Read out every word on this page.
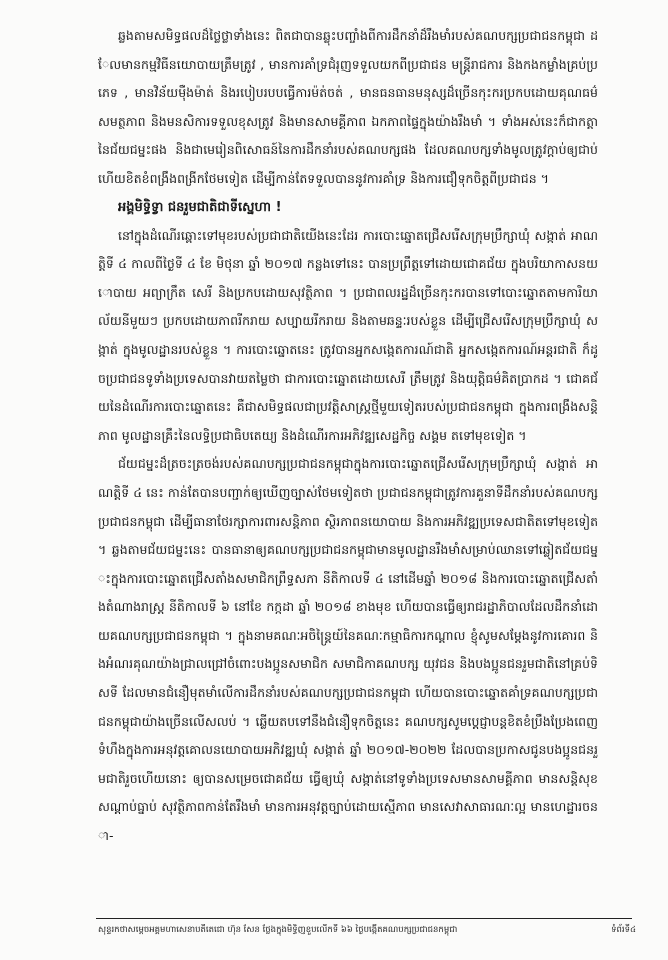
ឆ្លងតាមសមិទ្ធផលដ៏ថ្លៃថ្លាទាំងនេះ ពិតជាបានឆ្លុះបញ្ចាំងពីការដឹកនាំដ៏រឹងមាំរបស់គណបក្សប្រជាជនកម្ពុជា ដែលមានកម្មវិធីនយោបាយត្រឹមត្រូវ , មានការគាំទ្រជំរុញទទួលយកពីប្រជាជន មន្ត្រីរាជការ និងកងកម្លាំងគ្រប់ប្រភេទ , មានវិន័យម៉ឺងម៉ាត់ និងរបៀបរបបធ្វើការម៉ត់ចត់ , មានធនធានមនុស្សដ៏ច្រើនកុះករប្រកបដោយគុណធម៌ សមត្ថភាព និងមនសិការទទួលខុសត្រូវ និងមានសាមគ្គីភាព ឯកភាពផ្ទៃក្នុងយ៉ាងរឹងមាំ ។ ទាំងអស់នេះក៏ជាកត្តានៃជ័យជម្នះផង និងជាមេរៀនពិសោធន៍នៃការដឹកនាំរបស់គណបក្សផង ដែលគណបក្សទាំងមូលត្រូវក្តាប់ឲ្យជាប់ ហើយខិតខំពង្រឹងពង្រីកថែមទៀត ដើម្បីកាន់តែទទួលបាននូវការគាំទ្រ និងការជឿទុកចិត្តពីប្រជាជន ។

អង្គមិទ្ធិទ្វា ជនរួមជាតិជាទីស្នេហា !

នៅក្នុងដំណើរឆ្ពោះទៅមុខរបស់ប្រជាជាតិយើងនេះដែរ ការបោះឆ្នោតជ្រើសរើសក្រុមប្រឹក្សាឃុំ សង្កាត់ អាណត្តិទី ៤ កាលពីថ្ងៃទី ៤ ខែ មិថុនា ឆ្នាំ ២០១៧ កន្លងទៅនេះ បានប្រព្រឹត្តទៅដោយជោគជ័យ ក្នុងបរិយាកាសនយោបាយ អព្យាក្រឹត សេរី និងប្រកបដោយសុវត្ថិភាព ។ ប្រជាពលរដ្ឋដ៏ច្រើនកុះករបានទៅបោះឆ្នោតតាមការិយាល័យនីមួយៗ ប្រកបដោយភាពរីករាយ សប្បាយរីករាយ និងតាមឆន្ទៈរបស់ខ្លួន ដើម្បីជ្រើសរើសក្រុមប្រឹក្សាឃុំ សង្កាត់ ក្នុងមូលដ្ឋានរបស់ខ្លួន ។ ការបោះឆ្នោតនេះ ត្រូវបានអ្នកសង្កេតការណ៍ជាតិ អ្នកសង្កេតការណ៍អន្តរជាតិ ក៏ដូចប្រជាជនទូទាំងប្រទេសបានវាយតម្លៃថា ជាការបោះឆ្នោតដោយសេរី ត្រឹមត្រូវ និងយុត្តិធម៌គិតប្រាកដ ។ ជោគជ័យនៃដំណើរការបោះឆ្នោតនេះ គឺជាសមិទ្ធផលជាប្រវត្តិសាស្ត្រថ្មីមួយទៀតរបស់ប្រជាជនកម្ពុជា ក្នុងការពង្រឹងសន្តិភាព មូលដ្ឋានគ្រឹះនៃលទ្ធិប្រជាធិបតេយ្យ និងដំណើរការអភិវឌ្ឍសេដ្ឋកិច្ច សង្គម តទៅមុខទៀត ។

ជ័យជម្នះដ៏ត្រចះត្រចង់របស់គណបក្សប្រជាជនកម្ពុជាក្នុងការបោះឆ្នោតជ្រើសរើសក្រុមប្រឹក្សាឃុំ សង្កាត់ អាណត្តិទី ៤ នេះ កាន់តែបានបញ្ជាក់ឲ្យឃើញច្បាស់ថែមទៀតថា ប្រជាជនកម្ពុជាត្រូវការគួនាទីដឹកនាំរបស់គណបក្សប្រជាជនកម្ពុជា ដើម្បីធានាថែរក្សាការពារសន្តិភាព ស្ថិរភាពនយោបាយ និងការអភិវឌ្ឍប្រទេសជាតិតទៅមុខទៀត ។ ឆ្លងតាមជ័យជម្នះនេះ បានធានាឲ្យគណបក្សប្រជាជនកម្ពុជាមានមូលដ្ឋានរឹងមាំសម្រាប់ឈានទៅឆ្លៀតជ័យជម្នះក្នុងការបោះឆ្នោតជ្រើសតាំងសមាជិកព្រឹទ្ធសភា នីតិកាលទី ៤ នៅដើមឆ្នាំ ២០១៨ និងការបោះឆ្នោតជ្រើសតាំងតំណាងរាស្ត្រ នីតិកាលទី ៦ នៅខែ កក្កដា ឆ្នាំ ២០១៨ ខាងមុខ ហើយបានធ្វើឲ្យរាជរដ្ឋាភិបាលដែលដឹកនាំដោយគណបក្សប្រជាជនកម្ពុជា ។ ក្នុងនាមគណៈអចិន្ត្រៃយ៍នៃគណៈកម្មាធិការកណ្តាល ខ្ញុំសូមសម្តែងនូវការគោរព និងអំណរគុណយ៉ាងជ្រាលជ្រៅចំពោះបងប្អូនសមាជិក សមាជិកាគណបក្ស យុវជន និងបងប្អូនជនរួមជាតិនៅគ្រប់ទិសទី ដែលមានជំនឿមុតមាំលើការដឹកនាំរបស់គណបក្សប្រជាជនកម្ពុជា ហើយបានបោះឆ្នោតគាំទ្រគណបក្សប្រជាជនកម្ពុជាយ៉ាងច្រើនលើសលប់ ។ ឆ្លើយតបទៅនឹងជំនឿទុកចិត្តនេះ គណបក្សសូមប្តេជ្ញាបន្តខិតខំប្រឹងប្រែងពេញទំហឹងក្នុងការអនុវត្តគោលនយោបាយអភិវឌ្ឍឃុំ សង្កាត់ ឆ្នាំ ២០១៧-២០២២ ដែលបានប្រកាសជូនបងប្អូនជនរួមជាតិរួចហើយនោះ ឲ្យបានសម្រេចជោគជ័យ ធ្វើឲ្យឃុំ សង្កាត់នៅទូទាំងប្រទេសមានសាមគ្គីភាព មានសន្តិសុខ សណ្តាប់ធ្នាប់ សុវត្ថិភាពកាន់តែរឹងមាំ មានការអនុវត្តច្បាប់ដោយស្មើភាព មានសេវាសាធារណៈល្អ មានហេដ្ឋារចនា-

សុន្ទរកថាសម្តេចអគ្គមហាសេនាបតីតេជោ ហ៊ុន សែន ថ្លែងក្នុងមិទ្ធិញខួបលើកទី ៦៦ ថ្ងៃបង្កើតគណបក្សប្រជាជនកម្ពុជា	ទំព័រទី៤
